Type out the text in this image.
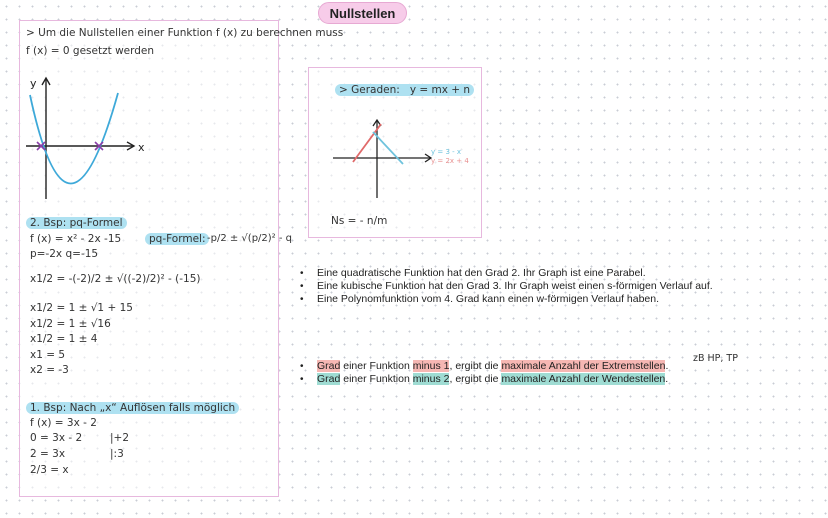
Nullstellen
> Um die Nullstellen einer Funktion f (x) zu berechnen muss
f (x) = 0 gesetzt werden
y
x
2. Bsp: pq-Formel
f (x) = x² - 2x -15
p=-2x q=-15
pq-Formel: -p/2 ± √(p/2)² - q
x1/2 = -(-2)/2 ± √((-2)/2)² - (-15)
x1/2 = 1 ± √1 + 15
x1/2 = 1 ± √16
x1/2 = 1 ± 4
x1 = 5
x2 = -3
1. Bsp: Nach „x“ Auflösen falls möglich
f (x) = 3x - 2
0 = 3x - 2	|+2
2 = 3x	|:3
2/3 = x
> Geraden: y = mx + n
y = 3 - x
y = 2x + 4
Ns = - n/m
• Eine quadratische Funktion hat den Grad 2. Ihr Graph ist eine Parabel.
• Eine kubische Funktion hat den Grad 3. Ihr Graph weist einen s-förmigen Verlauf auf.
• Eine Polynomfunktion vom 4. Grad kann einen w-förmigen Verlauf haben.
• Grad einer Funktion minus 1, ergibt die maximale Anzahl der Extremstellen.
• Grad einer Funktion minus 2, ergibt die maximale Anzahl der Wendestellen.
zB HP, TP
